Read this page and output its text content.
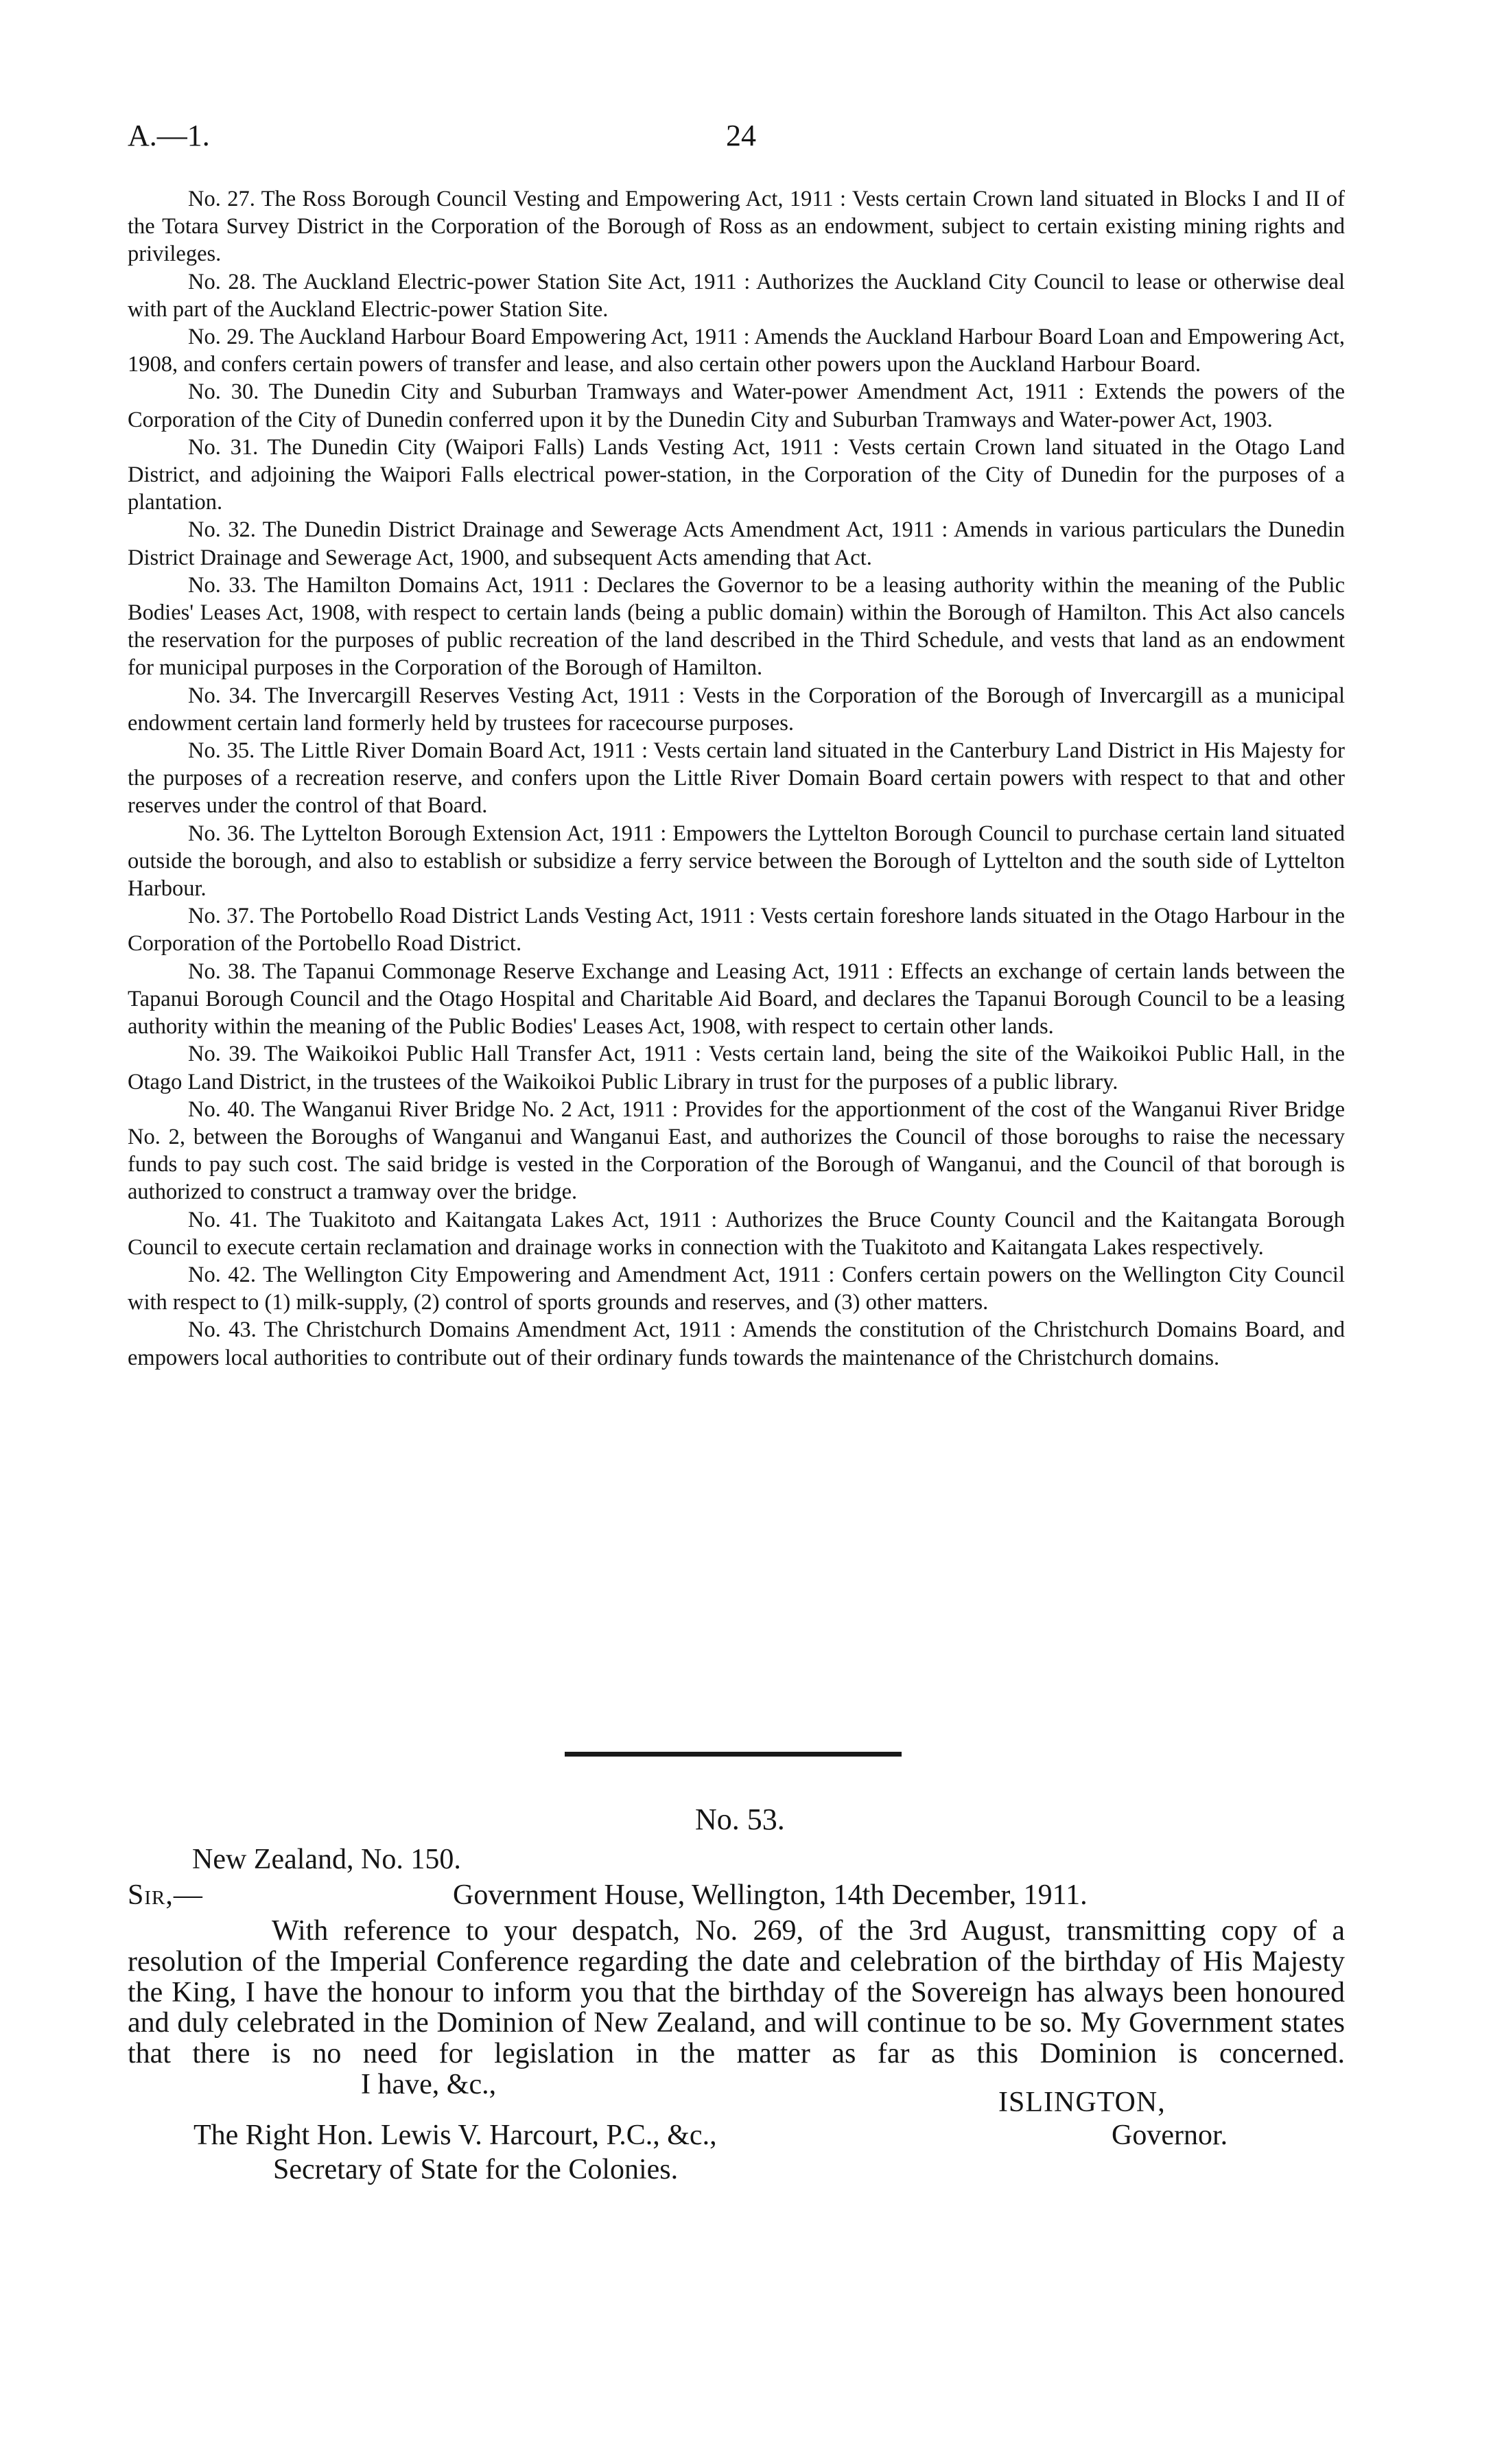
A.—1.	24

No. 27. The Ross Borough Council Vesting and Empowering Act, 1911 : Vests certain Crown land situated in Blocks I and II of the Totara Survey District in the Corporation of the Borough of Ross as an endowment, subject to certain existing mining rights and privileges.

No. 28. The Auckland Electric-power Station Site Act, 1911 : Authorizes the Auckland City Council to lease or otherwise deal with part of the Auckland Electric-power Station Site.

No. 29. The Auckland Harbour Board Empowering Act, 1911 : Amends the Auckland Harbour Board Loan and Empowering Act, 1908, and confers certain powers of transfer and lease, and also certain other powers upon the Auckland Harbour Board.

No. 30. The Dunedin City and Suburban Tramways and Water-power Amendment Act, 1911 : Extends the powers of the Corporation of the City of Dunedin conferred upon it by the Dunedin City and Suburban Tramways and Water-power Act, 1903.

No. 31. The Dunedin City (Waipori Falls) Lands Vesting Act, 1911 : Vests certain Crown land situated in the Otago Land District, and adjoining the Waipori Falls electrical power-station, in the Corporation of the City of Dunedin for the purposes of a plantation.

No. 32. The Dunedin District Drainage and Sewerage Acts Amendment Act, 1911 : Amends in various particulars the Dunedin District Drainage and Sewerage Act, 1900, and subsequent Acts amending that Act.

No. 33. The Hamilton Domains Act, 1911 : Declares the Governor to be a leasing authority within the meaning of the Public Bodies' Leases Act, 1908, with respect to certain lands (being a public domain) within the Borough of Hamilton. This Act also cancels the reservation for the purposes of public recreation of the land described in the Third Schedule, and vests that land as an endowment for municipal purposes in the Corporation of the Borough of Hamilton.

No. 34. The Invercargill Reserves Vesting Act, 1911 : Vests in the Corporation of the Borough of Invercargill as a municipal endowment certain land formerly held by trustees for racecourse purposes.

No. 35. The Little River Domain Board Act, 1911 : Vests certain land situated in the Canterbury Land District in His Majesty for the purposes of a recreation reserve, and confers upon the Little River Domain Board certain powers with respect to that and other reserves under the control of that Board.

No. 36. The Lyttelton Borough Extension Act, 1911 : Empowers the Lyttelton Borough Council to purchase certain land situated outside the borough, and also to establish or subsidize a ferry service between the Borough of Lyttelton and the south side of Lyttelton Harbour.

No. 37. The Portobello Road District Lands Vesting Act, 1911 : Vests certain foreshore lands situated in the Otago Harbour in the Corporation of the Portobello Road District.

No. 38. The Tapanui Commonage Reserve Exchange and Leasing Act, 1911 : Effects an exchange of certain lands between the Tapanui Borough Council and the Otago Hospital and Charitable Aid Board, and declares the Tapanui Borough Council to be a leasing authority within the meaning of the Public Bodies' Leases Act, 1908, with respect to certain other lands.

No. 39. The Waikoikoi Public Hall Transfer Act, 1911 : Vests certain land, being the site of the Waikoikoi Public Hall, in the Otago Land District, in the trustees of the Waikoikoi Public Library in trust for the purposes of a public library.

No. 40. The Wanganui River Bridge No. 2 Act, 1911 : Provides for the apportionment of the cost of the Wanganui River Bridge No. 2, between the Boroughs of Wanganui and Wanganui East, and authorizes the Council of those boroughs to raise the necessary funds to pay such cost. The said bridge is vested in the Corporation of the Borough of Wanganui, and the Council of that borough is authorized to construct a tramway over the bridge.

No. 41. The Tuakitoto and Kaitangata Lakes Act, 1911 : Authorizes the Bruce County Council and the Kaitangata Borough Council to execute certain reclamation and drainage works in connection with the Tuakitoto and Kaitangata Lakes respectively.

No. 42. The Wellington City Empowering and Amendment Act, 1911 : Confers certain powers on the Wellington City Council with respect to (1) milk-supply, (2) control of sports grounds and reserves, and (3) other matters.

No. 43. The Christchurch Domains Amendment Act, 1911 : Amends the constitution of the Christchurch Domains Board, and empowers local authorities to contribute out of their ordinary funds towards the maintenance of the Christchurch domains.

No. 53.
New Zealand, No. 150.
Sir,—	Government House, Wellington, 14th December, 1911.

With reference to your despatch, No. 269, of the 3rd August, transmitting copy of a resolution of the Imperial Conference regarding the date and celebration of the birthday of His Majesty the King, I have the honour to inform you that the birthday of the Sovereign has always been honoured and duly celebrated in the Dominion of New Zealand, and will continue to be so. My Government states that there is no need for legislation in the matter as far as this Dominion is concerned. I have, &c.,

ISLINGTON,
The Right Hon. Lewis V. Harcourt, P.C., &c.,	Governor.
Secretary of State for the Colonies.
